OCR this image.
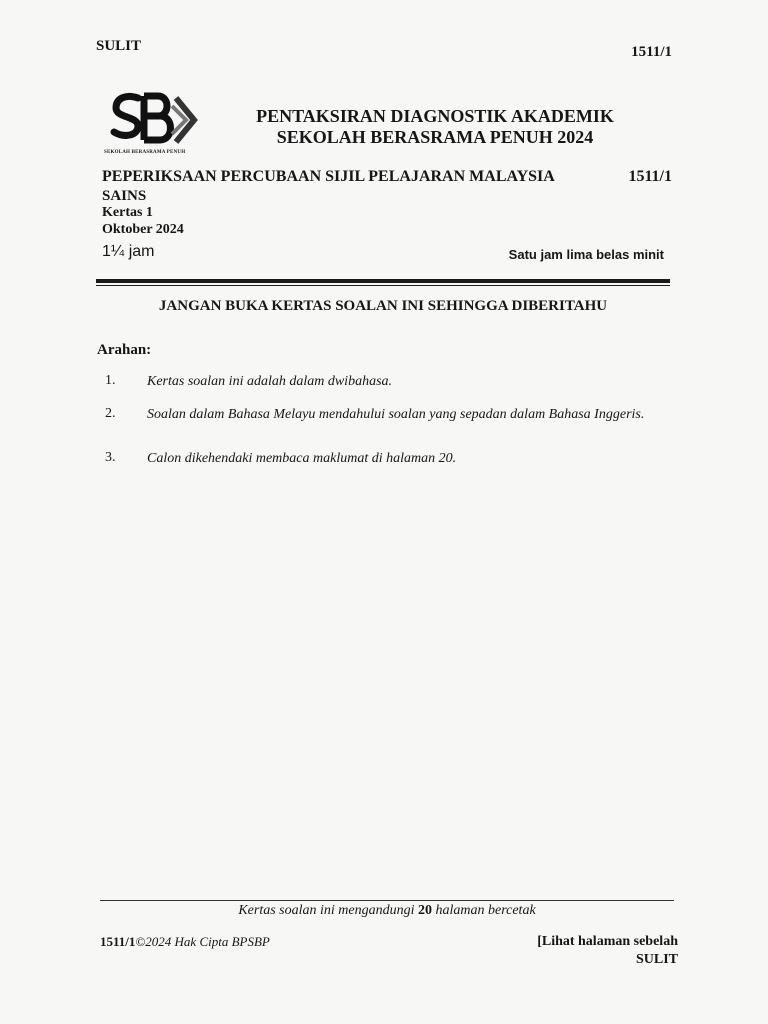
SULIT	1511/1
SEKOLAH BERASRAMA PENUH
PENTAKSIRAN DIAGNOSTIK AKADEMIK
SEKOLAH BERASRAMA PENUH 2024
PEPERIKSAAN PERCUBAAN SIJIL PELAJARAN MALAYSIA	1511/1
SAINS
Kertas 1
Oktober 2024
1¼ jam	Satu jam lima belas minit
JANGAN BUKA KERTAS SOALAN INI SEHINGGA DIBERITAHU
Arahan:
1. Kertas soalan ini adalah dalam dwibahasa.
2. Soalan dalam Bahasa Melayu mendahului soalan yang sepadan dalam Bahasa Inggeris.
3. Calon dikehendaki membaca maklumat di halaman 20.
Kertas soalan ini mengandungi 20 halaman bercetak
1511/1©2024 Hak Cipta BPSBP	[Lihat halaman sebelah
SULIT
